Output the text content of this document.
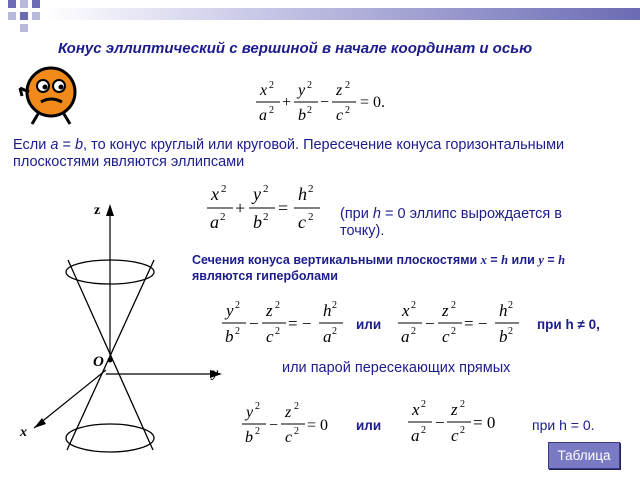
Конус эллиптический с вершиной в начале координат и осью
x 2
a 2 +
y 2
b 2 −
z 2
c 2 = 0.
Если a = b, то конус круглый или круговой. Пересечение конуса горизонтальными плоскостями являются эллипсами
z
y
x
O
x 2
a 2 +
y 2
b 2 =
h 2
c 2 (при h = 0 эллипс вырождается в точку).
Сечения конуса вертикальными плоскостями x = h или y = h
являются гиперболами
y 2
b 2 −
z 2
c 2 = −
h 2
a 2 или
x 2
a 2 −
z 2
c 2 = −
h 2
b 2 при h ≠ 0,
или парой пересекающих прямых
y 2
b 2 −
z 2
c 2 = 0 или
x 2
a 2 −
z 2
c 2 = 0	при h = 0.
Таблица
